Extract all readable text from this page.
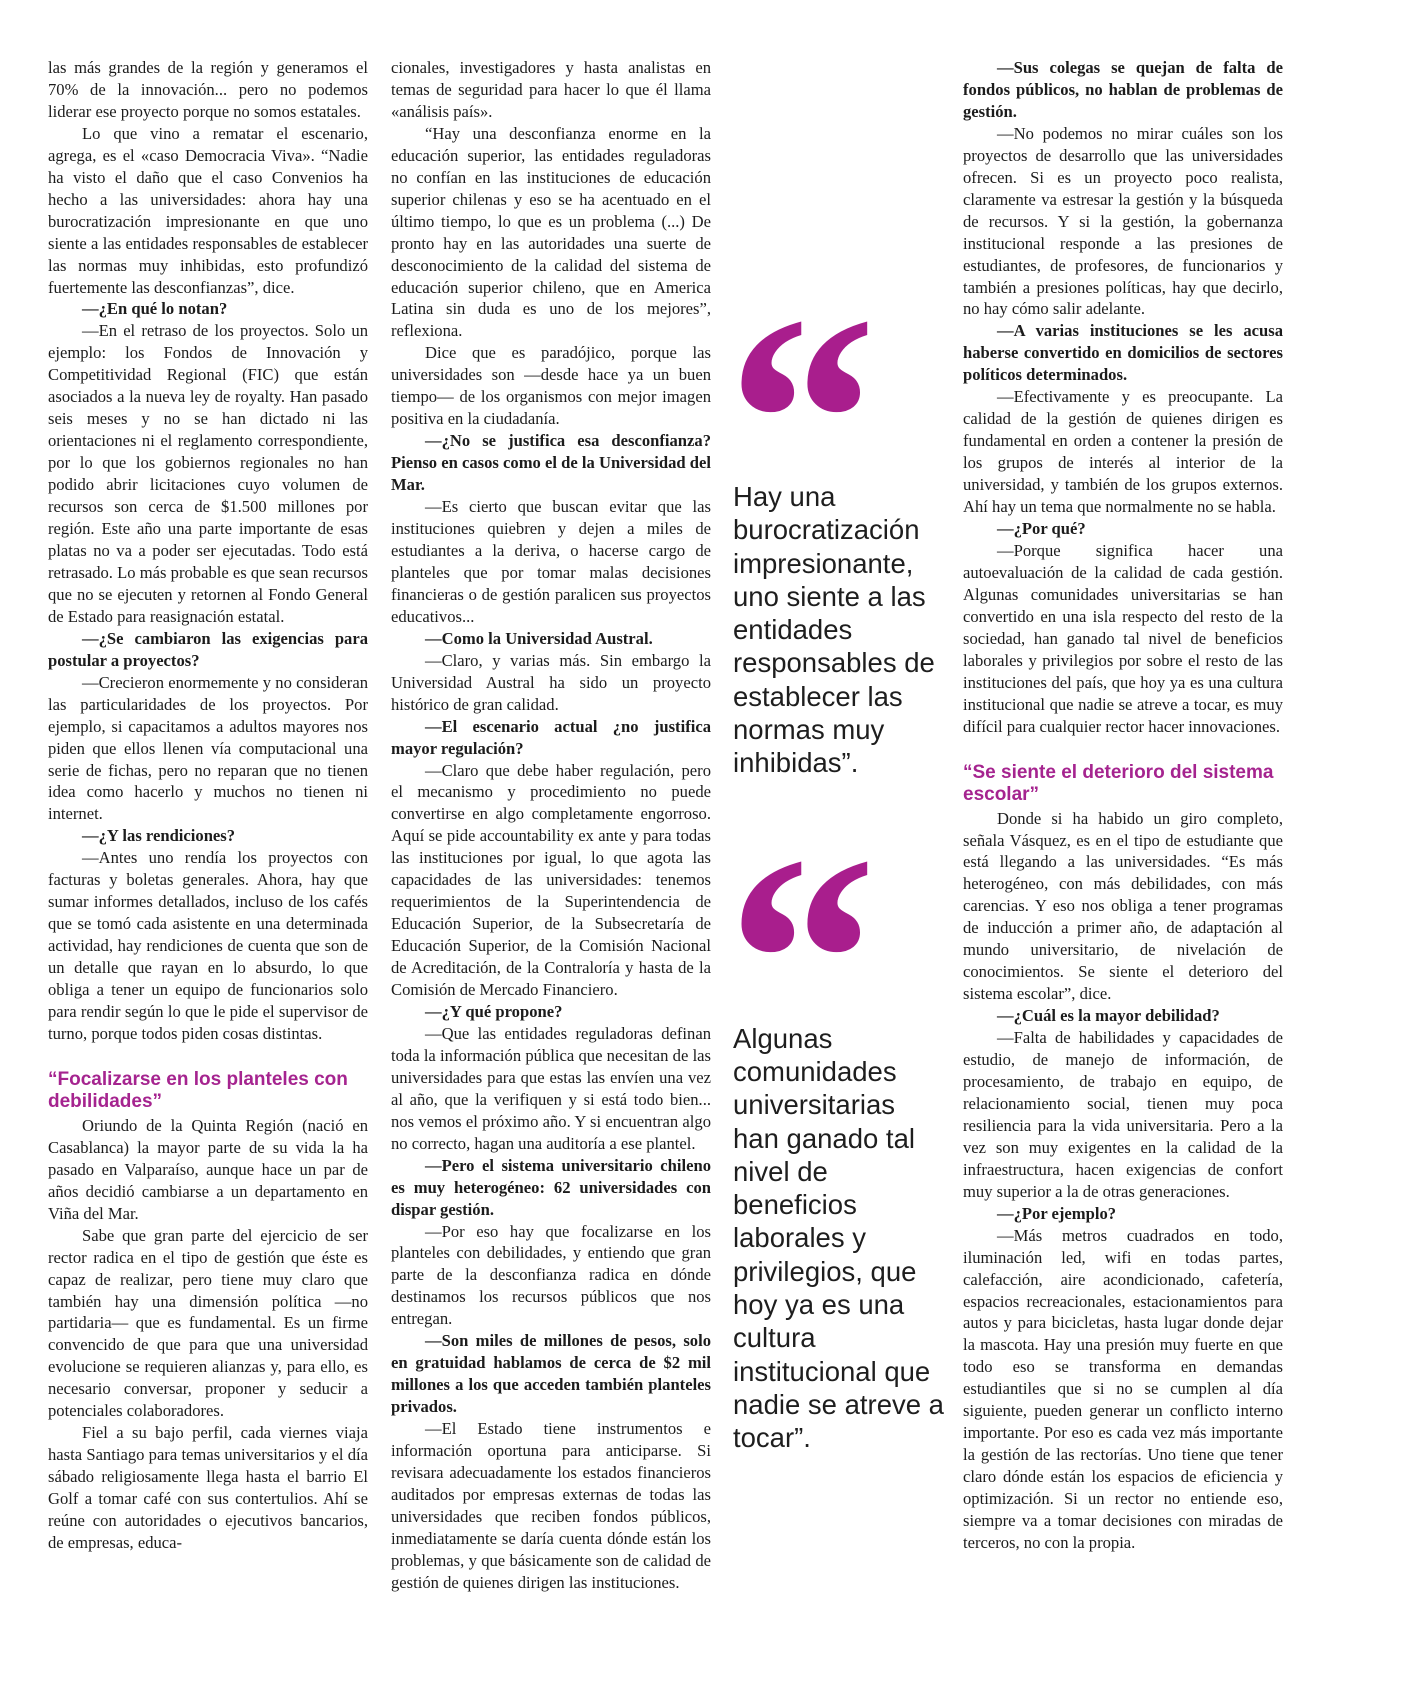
las más grandes de la región y generamos el 70% de la innovación... pero no podemos liderar ese proyecto porque no somos estatales.

Lo que vino a rematar el escenario, agrega, es el «caso Democracia Viva». “Nadie ha visto el daño que el caso Convenios ha hecho a las universidades: ahora hay una burocratización impresionante en que uno siente a las entidades responsables de establecer las normas muy inhibidas, esto profundizó fuertemente las desconfianzas”, dice.

—¿En qué lo notan?

—En el retraso de los proyectos. Solo un ejemplo: los Fondos de Innovación y Competitividad Regional (FIC) que están asociados a la nueva ley de royalty. Han pasado seis meses y no se han dictado ni las orientaciones ni el reglamento correspondiente, por lo que los gobiernos regionales no han podido abrir licitaciones cuyo volumen de recursos son cerca de $1.500 millones por región. Este año una parte importante de esas platas no va a poder ser ejecutadas. Todo está retrasado. Lo más probable es que sean recursos que no se ejecuten y retornen al Fondo General de Estado para reasignación estatal.

—¿Se cambiaron las exigencias para postular a proyectos?

—Crecieron enormemente y no consideran las particularidades de los proyectos. Por ejemplo, si capacitamos a adultos mayores nos piden que ellos llenen vía computacional una serie de fichas, pero no reparan que no tienen idea como hacerlo y muchos no tienen ni internet.

—¿Y las rendiciones?

—Antes uno rendía los proyectos con facturas y boletas generales. Ahora, hay que sumar informes detallados, incluso de los cafés que se tomó cada asistente en una determinada actividad, hay rendiciones de cuenta que son de un detalle que rayan en lo absurdo, lo que obliga a tener un equipo de funcionarios solo para rendir según lo que le pide el supervisor de turno, porque todos piden cosas distintas.

“Focalizarse en los planteles con debilidades”

Oriundo de la Quinta Región (nació en Casablanca) la mayor parte de su vida la ha pasado en Valparaíso, aunque hace un par de años decidió cambiarse a un departamento en Viña del Mar.

Sabe que gran parte del ejercicio de ser rector radica en el tipo de gestión que éste es capaz de realizar, pero tiene muy claro que también hay una dimensión política —no partidaria— que es fundamental. Es un firme convencido de que para que una universidad evolucione se requieren alianzas y, para ello, es necesario conversar, proponer y seducir a potenciales colaboradores.

Fiel a su bajo perfil, cada viernes viaja hasta Santiago para temas universitarios y el día sábado religiosamente llega hasta el barrio El Golf a tomar café con sus contertulios. Ahí se reúne con autoridades o ejecutivos bancarios, de empresas, educa-

cionales, investigadores y hasta analistas en temas de seguridad para hacer lo que él llama «análisis país».

“Hay una desconfianza enorme en la educación superior, las entidades reguladoras no confían en las instituciones de educación superior chilenas y eso se ha acentuado en el último tiempo, lo que es un problema (...) De pronto hay en las autoridades una suerte de desconocimiento de la calidad del sistema de educación superior chileno, que en America Latina sin duda es uno de los mejores”, reflexiona.

Dice que es paradójico, porque las universidades son —desde hace ya un buen tiempo— de los organismos con mejor imagen positiva en la ciudadanía.

—¿No se justifica esa desconfianza? Pienso en casos como el de la Universidad del Mar.

—Es cierto que buscan evitar que las instituciones quiebren y dejen a miles de estudiantes a la deriva, o hacerse cargo de planteles que por tomar malas decisiones financieras o de gestión paralicen sus proyectos educativos...

—Como la Universidad Austral.

—Claro, y varias más. Sin embargo la Universidad Austral ha sido un proyecto histórico de gran calidad.

—El escenario actual ¿no justifica mayor regulación?

—Claro que debe haber regulación, pero el mecanismo y procedimiento no puede convertirse en algo completamente engorroso. Aquí se pide accountability ex ante y para todas las instituciones por igual, lo que agota las capacidades de las universidades: tenemos requerimientos de la Superintendencia de Educación Superior, de la Subsecretaría de Educación Superior, de la Comisión Nacional de Acreditación, de la Contraloría y hasta de la Comisión de Mercado Financiero.

—¿Y qué propone?

—Que las entidades reguladoras definan toda la información pública que necesitan de las universidades para que estas las envíen una vez al año, que la verifiquen y si está todo bien... nos vemos el próximo año. Y si encuentran algo no correcto, hagan una auditoría a ese plantel.

—Pero el sistema universitario chileno es muy heterogéneo: 62 universidades con dispar gestión.

—Por eso hay que focalizarse en los planteles con debilidades, y entiendo que gran parte de la desconfianza radica en dónde destinamos los recursos públicos que nos entregan.

—Son miles de millones de pesos, solo en gratuidad hablamos de cerca de $2 mil millones a los que acceden también planteles privados.

—El Estado tiene instrumentos e información oportuna para anticiparse. Si revisara adecuadamente los estados financieros auditados por empresas externas de todas las universidades que reciben fondos públicos, inmediatamente se daría cuenta dónde están los problemas, y que básicamente son de calidad de gestión de quienes dirigen las instituciones.

Hay una burocratización impresionante, uno siente a las entidades responsables de establecer las normas muy inhibidas”.

Algunas comunidades universitarias han ganado tal nivel de beneficios laborales y privilegios, que hoy ya es una cultura institucional que nadie se atreve a tocar”.

—Sus colegas se quejan de falta de fondos públicos, no hablan de problemas de gestión.

—No podemos no mirar cuáles son los proyectos de desarrollo que las universidades ofrecen. Si es un proyecto poco realista, claramente va estresar la gestión y la búsqueda de recursos. Y si la gestión, la gobernanza institucional responde a las presiones de estudiantes, de profesores, de funcionarios y también a presiones políticas, hay que decirlo, no hay cómo salir adelante.

—A varias instituciones se les acusa haberse convertido en domicilios de sectores políticos determinados.

—Efectivamente y es preocupante. La calidad de la gestión de quienes dirigen es fundamental en orden a contener la presión de los grupos de interés al interior de la universidad, y también de los grupos externos. Ahí hay un tema que normalmente no se habla.

—¿Por qué?

—Porque significa hacer una autoevaluación de la calidad de cada gestión. Algunas comunidades universitarias se han convertido en una isla respecto del resto de la sociedad, han ganado tal nivel de beneficios laborales y privilegios por sobre el resto de las instituciones del país, que hoy ya es una cultura institucional que nadie se atreve a tocar, es muy difícil para cualquier rector hacer innovaciones.

“Se siente el deterioro del sistema escolar”

Donde si ha habido un giro completo, señala Vásquez, es en el tipo de estudiante que está llegando a las universidades. “Es más heterogéneo, con más debilidades, con más carencias. Y eso nos obliga a tener programas de inducción a primer año, de adaptación al mundo universitario, de nivelación de conocimientos. Se siente el deterioro del sistema escolar”, dice.

—¿Cuál es la mayor debilidad?

—Falta de habilidades y capacidades de estudio, de manejo de información, de procesamiento, de trabajo en equipo, de relacionamiento social, tienen muy poca resiliencia para la vida universitaria. Pero a la vez son muy exigentes en la calidad de la infraestructura, hacen exigencias de confort muy superior a la de otras generaciones.

—¿Por ejemplo?

—Más metros cuadrados en todo, iluminación led, wifi en todas partes, calefacción, aire acondicionado, cafetería, espacios recreacionales, estacionamientos para autos y para bicicletas, hasta lugar donde dejar la mascota. Hay una presión muy fuerte en que todo eso se transforma en demandas estudiantiles que si no se cumplen al día siguiente, pueden generar un conflicto interno importante. Por eso es cada vez más importante la gestión de las rectorías. Uno tiene que tener claro dónde están los espacios de eficiencia y optimización. Si un rector no entiende eso, siempre va a tomar decisiones con miradas de terceros, no con la propia.
